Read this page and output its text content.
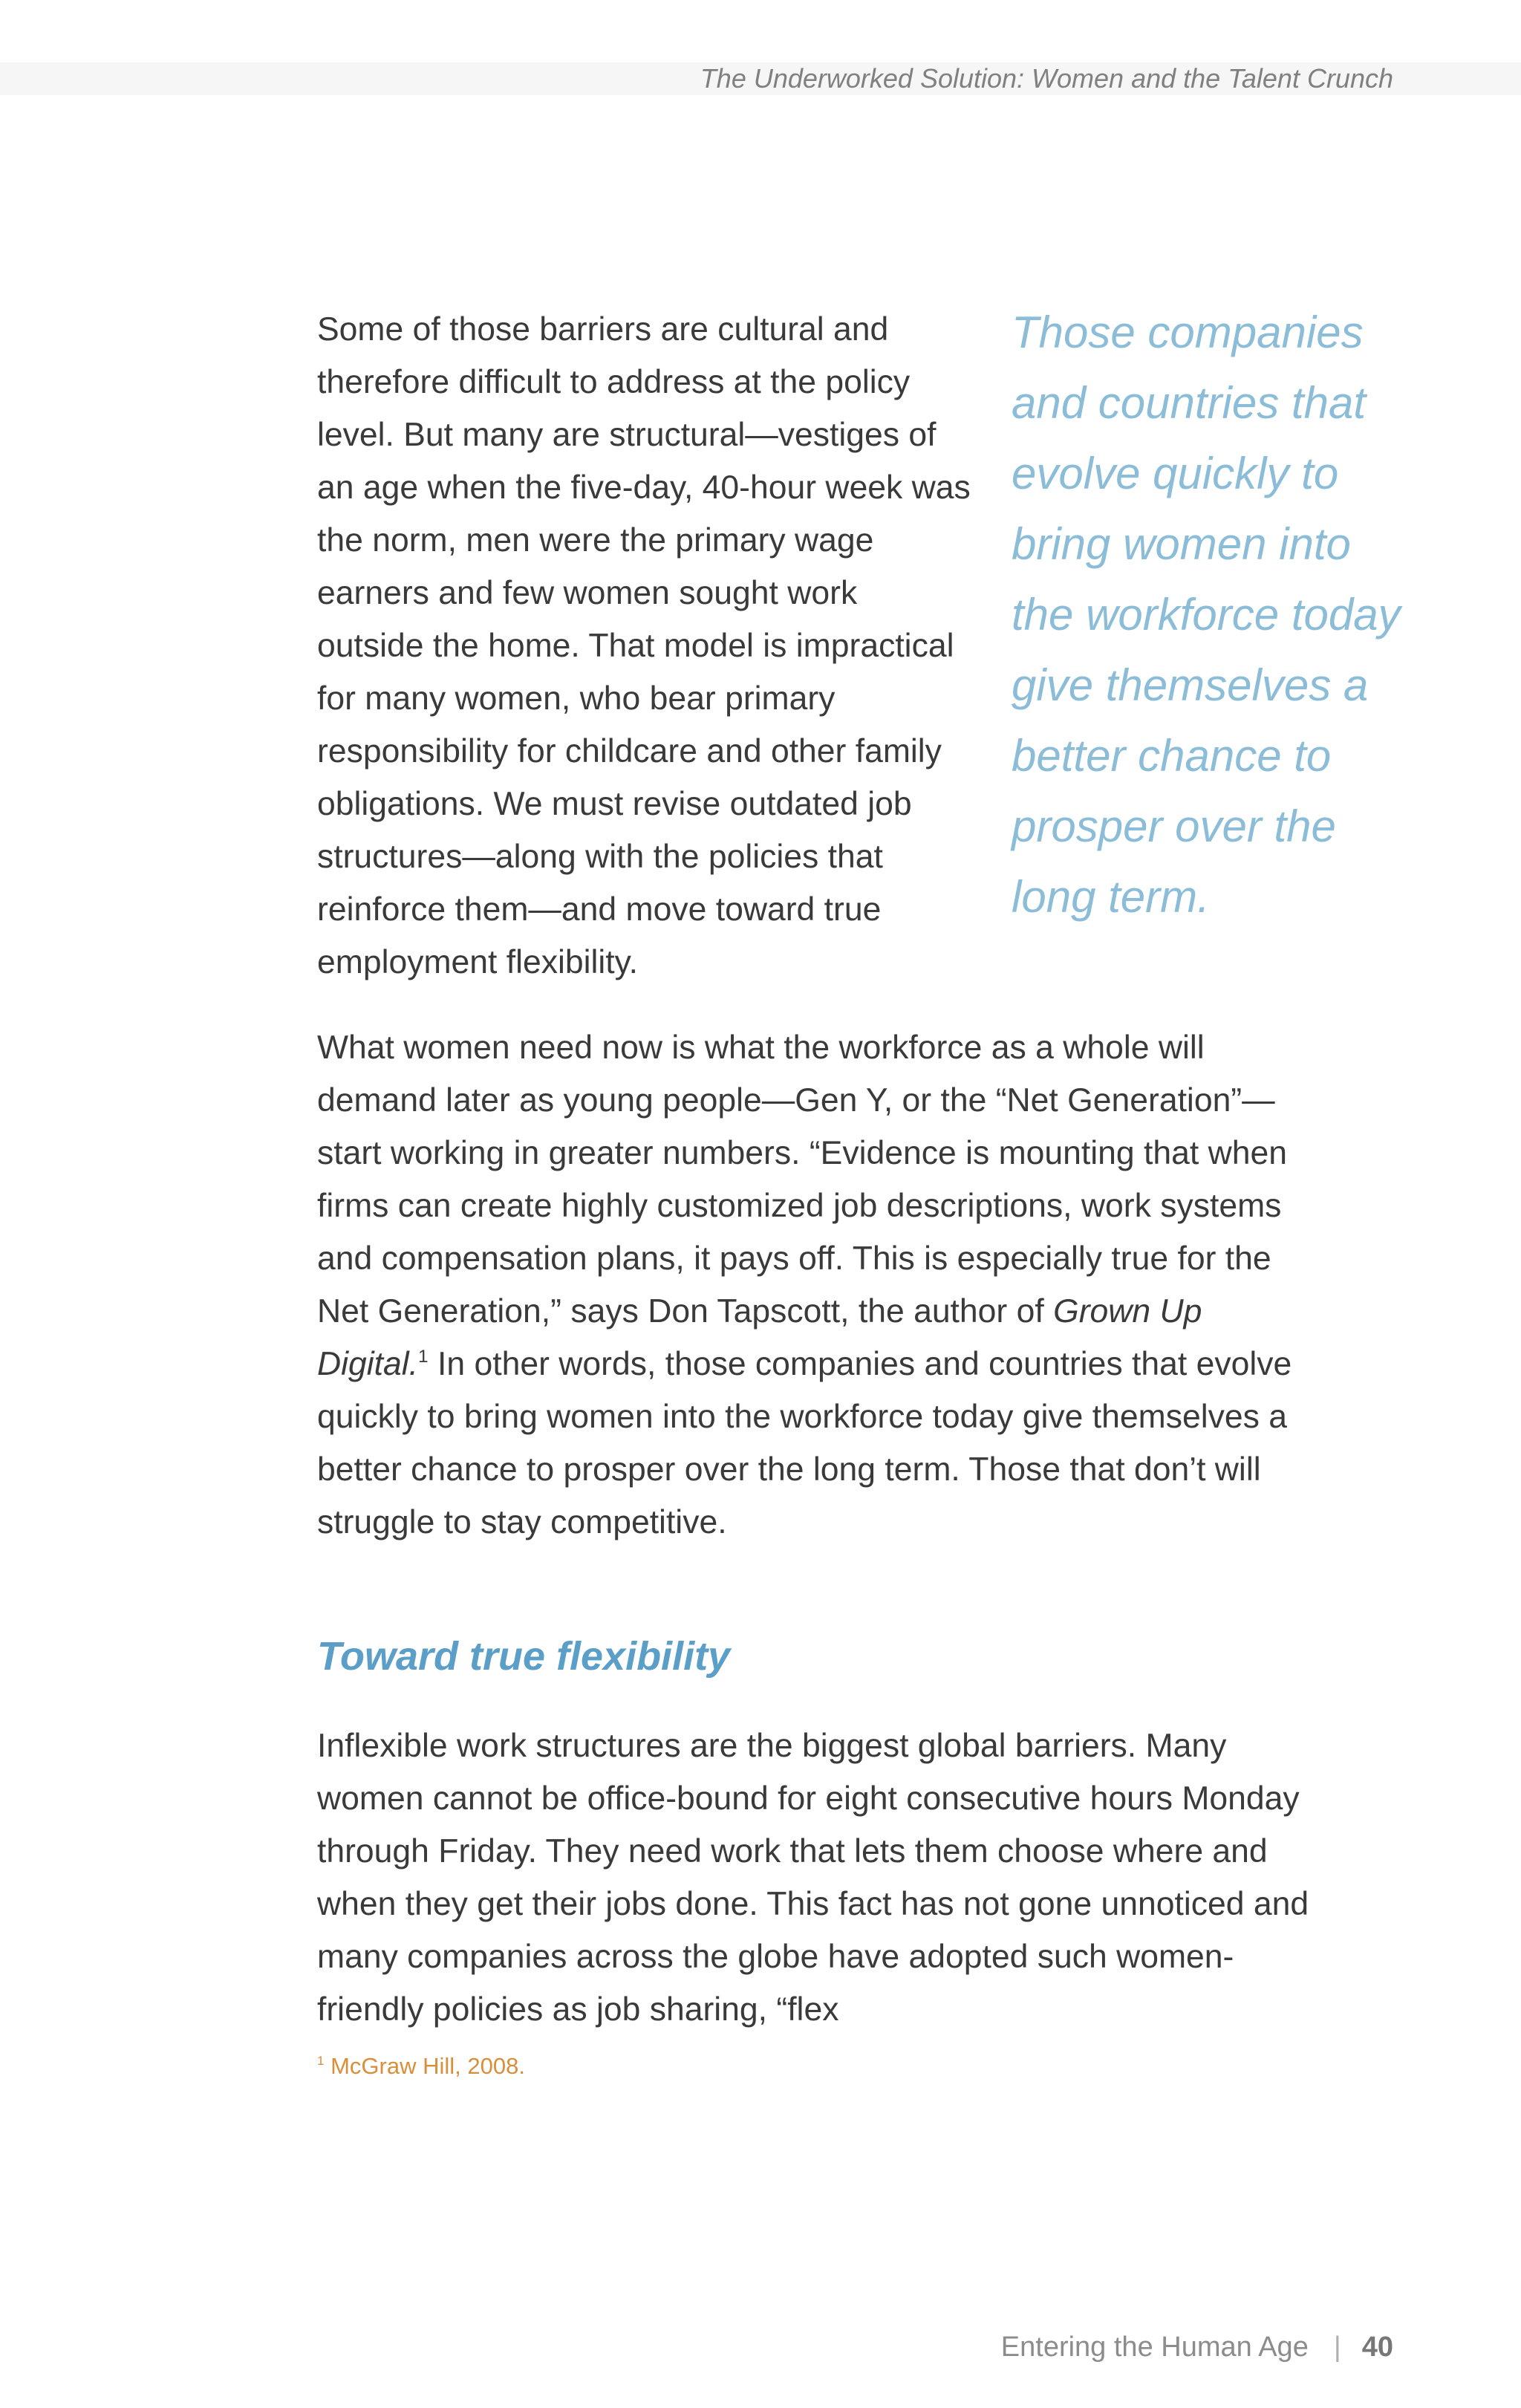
The Underworked Solution: Women and the Talent Crunch

Some of those barriers are cultural and therefore difficult to address at the policy level. But many are structural—vestiges of an age when the five-day, 40-hour week was the norm, men were the primary wage earners and few women sought work outside the home. That model is impractical for many women, who bear primary responsibility for childcare and other family obligations. We must revise outdated job structures—along with the policies that reinforce them—and move toward true employment flexibility.

Those companies and countries that evolve quickly to bring women into the workforce today give themselves a better chance to prosper over the long term.

What women need now is what the workforce as a whole will demand later as young people—Gen Y, or the “Net Generation”—start working in greater numbers. “Evidence is mounting that when firms can create highly customized job descriptions, work systems and compensation plans, it pays off. This is especially true for the Net Generation,” says Don Tapscott, the author of Grown Up Digital.$^1$ In other words, those companies and countries that evolve quickly to bring women into the workforce today give themselves a better chance to prosper over the long term. Those that don’t will struggle to stay competitive.

Toward true flexibility

Inflexible work structures are the biggest global barriers. Many women cannot be office-bound for eight consecutive hours Monday through Friday. They need work that lets them choose where and when they get their jobs done. This fact has not gone unnoticed and many companies across the globe have adopted such women-friendly policies as job sharing, “flex

$^1$ McGraw Hill, 2008.

Entering the Human Age | 40
